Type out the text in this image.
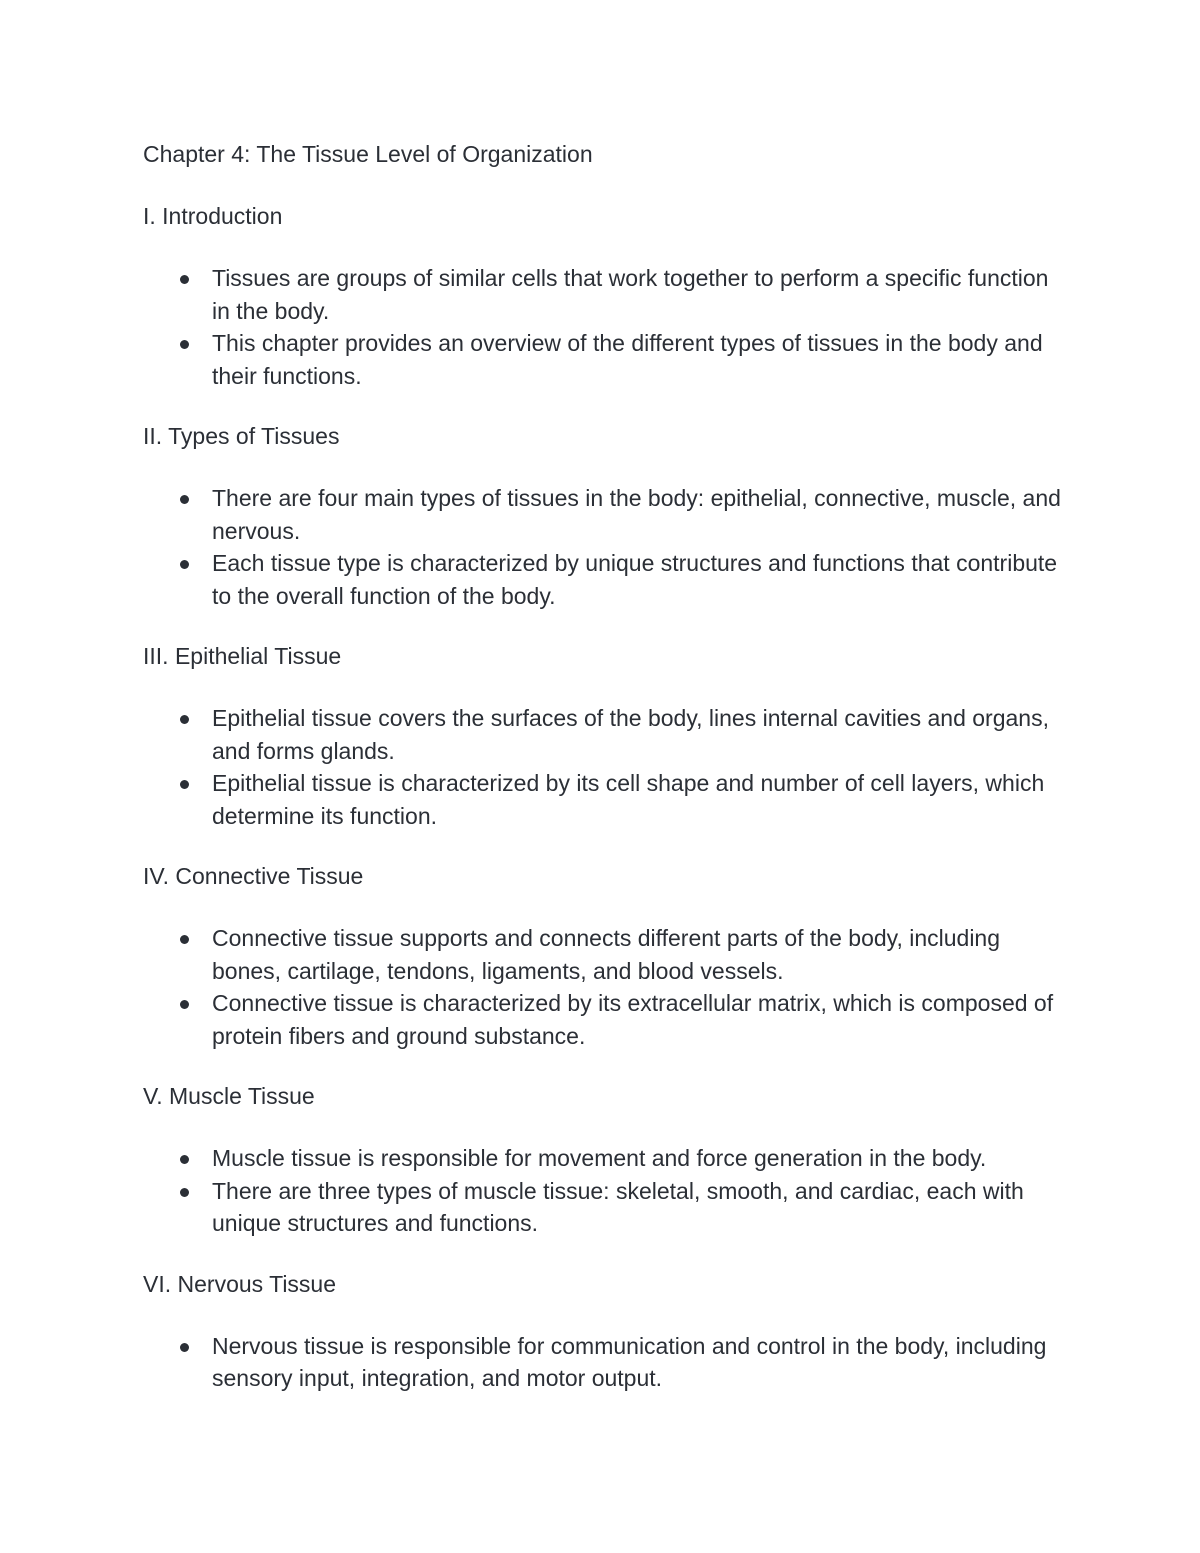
Chapter 4: The Tissue Level of Organization
I. Introduction
Tissues are groups of similar cells that work together to perform a specific function in the body.
This chapter provides an overview of the different types of tissues in the body and their functions.
II. Types of Tissues
There are four main types of tissues in the body: epithelial, connective, muscle, and nervous.
Each tissue type is characterized by unique structures and functions that contribute to the overall function of the body.
III. Epithelial Tissue
Epithelial tissue covers the surfaces of the body, lines internal cavities and organs, and forms glands.
Epithelial tissue is characterized by its cell shape and number of cell layers, which determine its function.
IV. Connective Tissue
Connective tissue supports and connects different parts of the body, including bones, cartilage, tendons, ligaments, and blood vessels.
Connective tissue is characterized by its extracellular matrix, which is composed of protein fibers and ground substance.
V. Muscle Tissue
Muscle tissue is responsible for movement and force generation in the body.
There are three types of muscle tissue: skeletal, smooth, and cardiac, each with unique structures and functions.
VI. Nervous Tissue
Nervous tissue is responsible for communication and control in the body, including sensory input, integration, and motor output.
